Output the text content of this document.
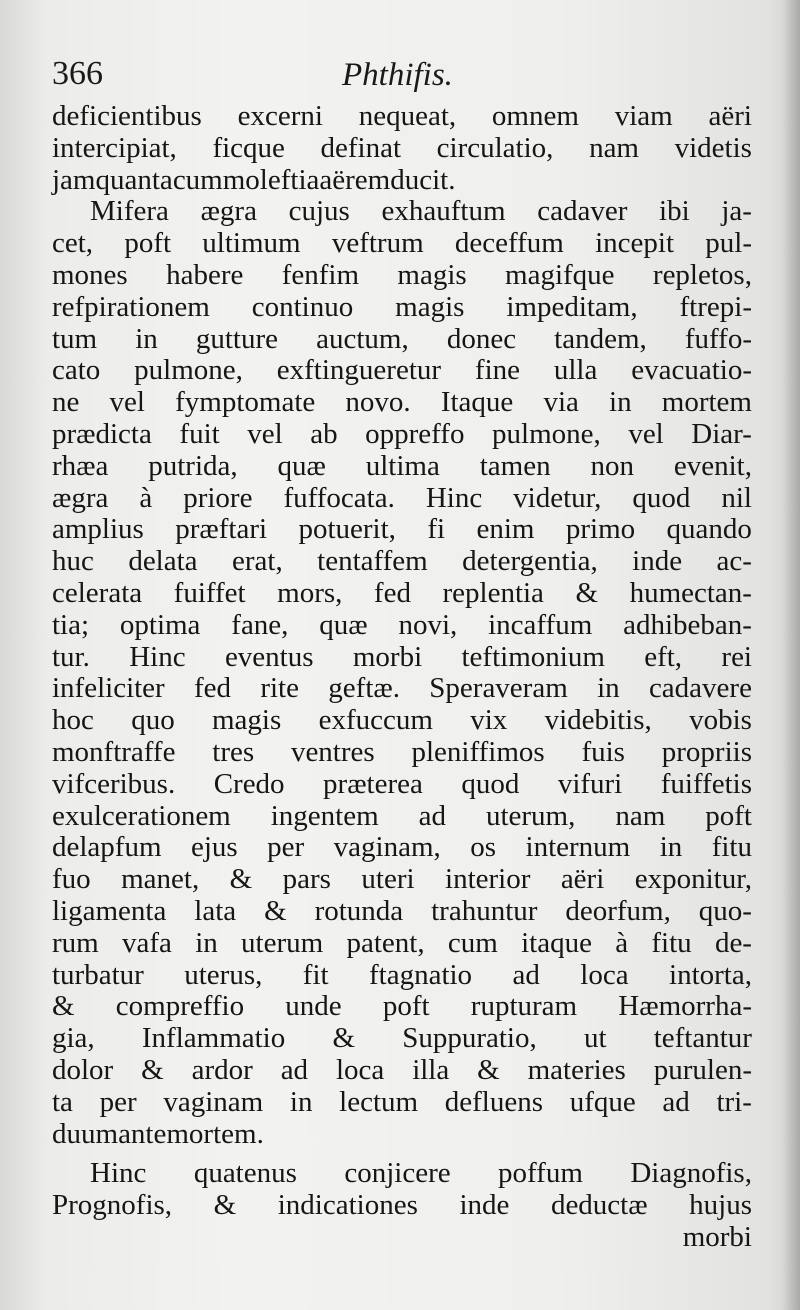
366	Phthifis.
deficientibus excerni nequeat, omnem viam aëri
intercipiat, ficque definat circulatio, nam videtis
jam quanta cum moleftia aërem ducit.
Mifera ægra cujus exhauftum cadaver ibi ja-
cet, poft ultimum veftrum deceffum incepit pul-
mones habere fenfim magis magifque repletos,
refpirationem continuo magis impeditam, ftrepi-
tum in gutture auctum, donec tandem, fuffo-
cato pulmone, exftingueretur fine ulla evacuatio-
ne vel fymptomate novo. Itaque via in mortem
prædicta fuit vel ab oppreffo pulmone, vel Diar-
rhæa putrida, quæ ultima tamen non evenit,
ægra à priore fuffocata. Hinc videtur, quod nil
amplius præftari potuerit, fi enim primo quando
huc delata erat, tentaffem detergentia, inde ac-
celerata fuiffet mors, fed replentia & humectan-
tia; optima fane, quæ novi, incaffum adhibeban-
tur. Hinc eventus morbi teftimonium eft, rei
infeliciter fed rite geftæ. Speraveram in cadavere
hoc quo magis exfuccum vix videbitis, vobis
monftraffe tres ventres pleniffimos fuis propriis
vifceribus. Credo præterea quod vifuri fuiffetis
exulcerationem ingentem ad uterum, nam poft
delapfum ejus per vaginam, os internum in fitu
fuo manet, & pars uteri interior aëri exponitur,
ligamenta lata & rotunda trahuntur deorfum, quo-
rum vafa in uterum patent, cum itaque à fitu de-
turbatur uterus, fit ftagnatio ad loca intorta,
& compreffio unde poft rupturam Hæmorrha-
gia, Inflammatio & Suppuratio, ut teftantur
dolor & ardor ad loca illa & materies purulen-
ta per vaginam in lectum defluens ufque ad tri-
duum ante mortem.
Hinc quatenus conjicere poffum Diagnofis,
Prognofis, & indicationes inde deductæ hujus
morbi
